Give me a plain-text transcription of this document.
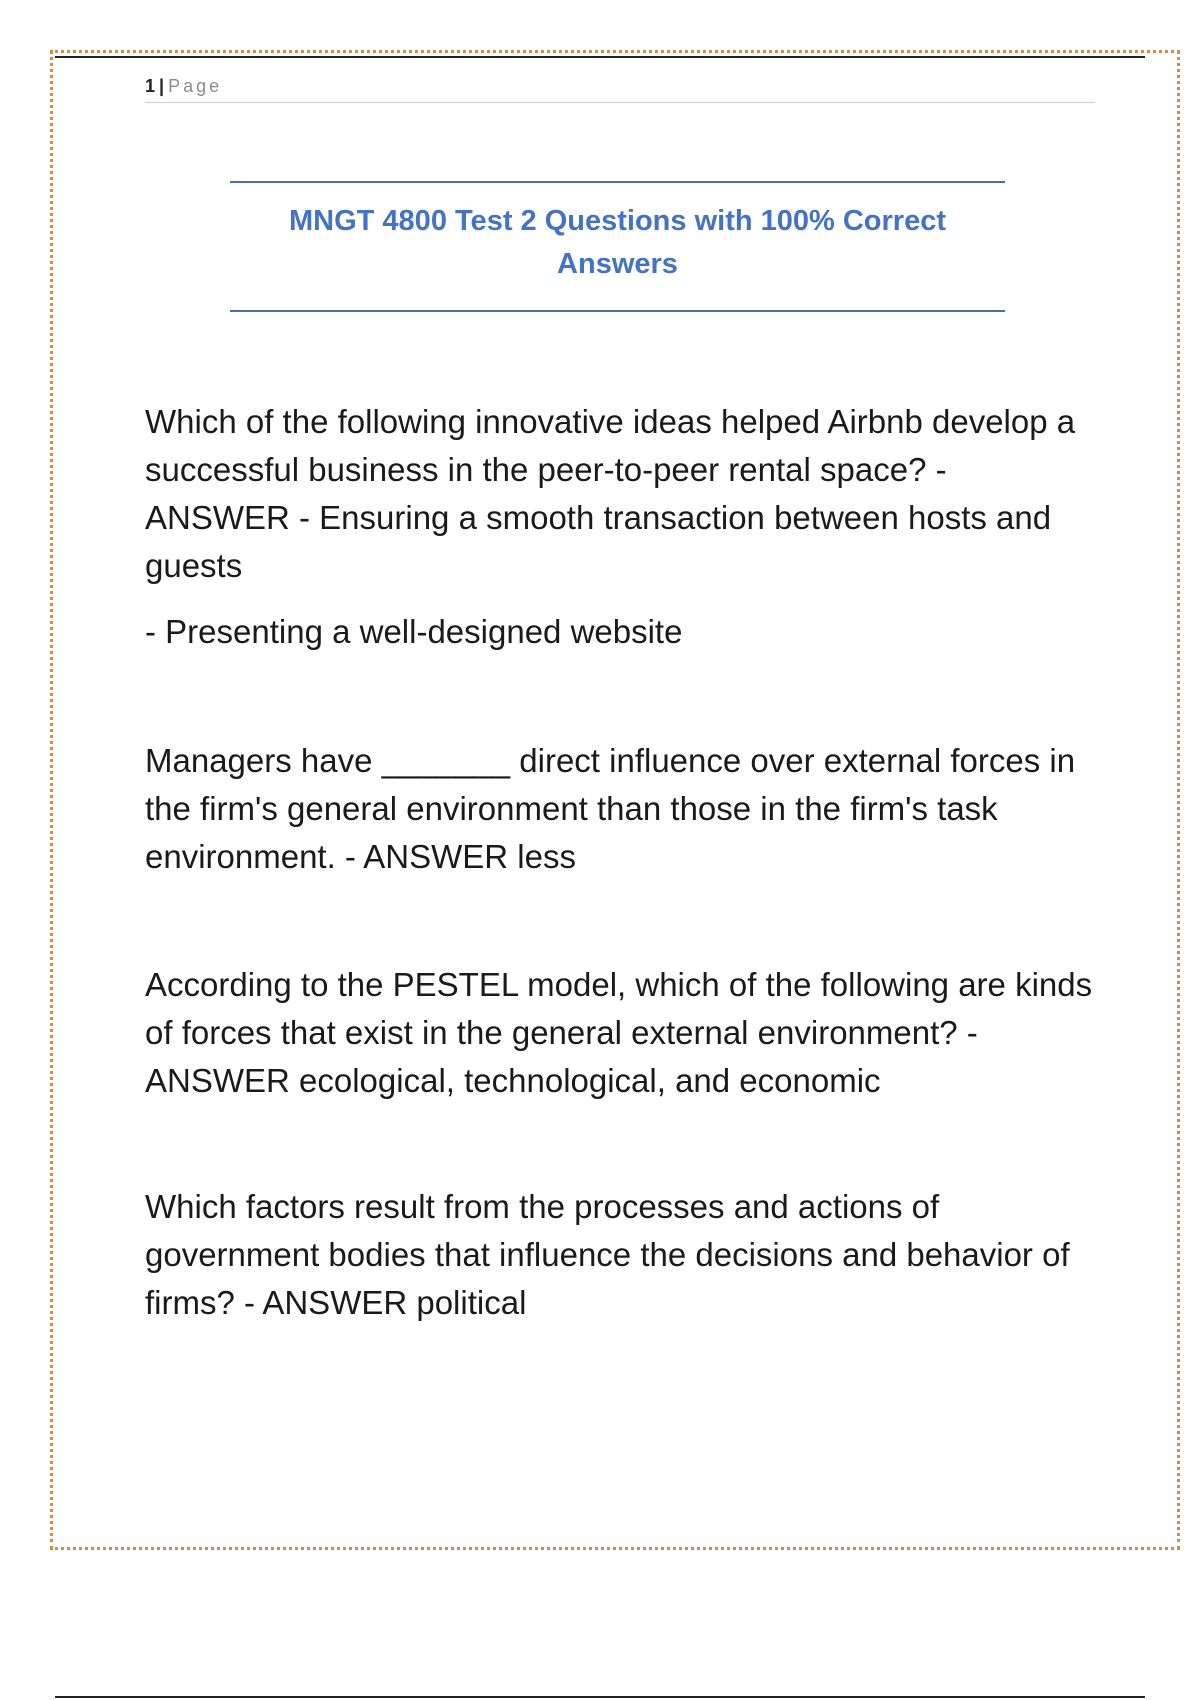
1 | Page
MNGT 4800 Test 2 Questions with 100% Correct Answers

Which of the following innovative ideas helped Airbnb develop a successful business in the peer-to-peer rental space? - ANSWER - Ensuring a smooth transaction between hosts and guests

- Presenting a well-designed website

Managers have _______ direct influence over external forces in the firm's general environment than those in the firm's task environment. - ANSWER less

According to the PESTEL model, which of the following are kinds of forces that exist in the general external environment? - ANSWER ecological, technological, and economic

Which factors result from the processes and actions of government bodies that influence the decisions and behavior of firms? - ANSWER political
